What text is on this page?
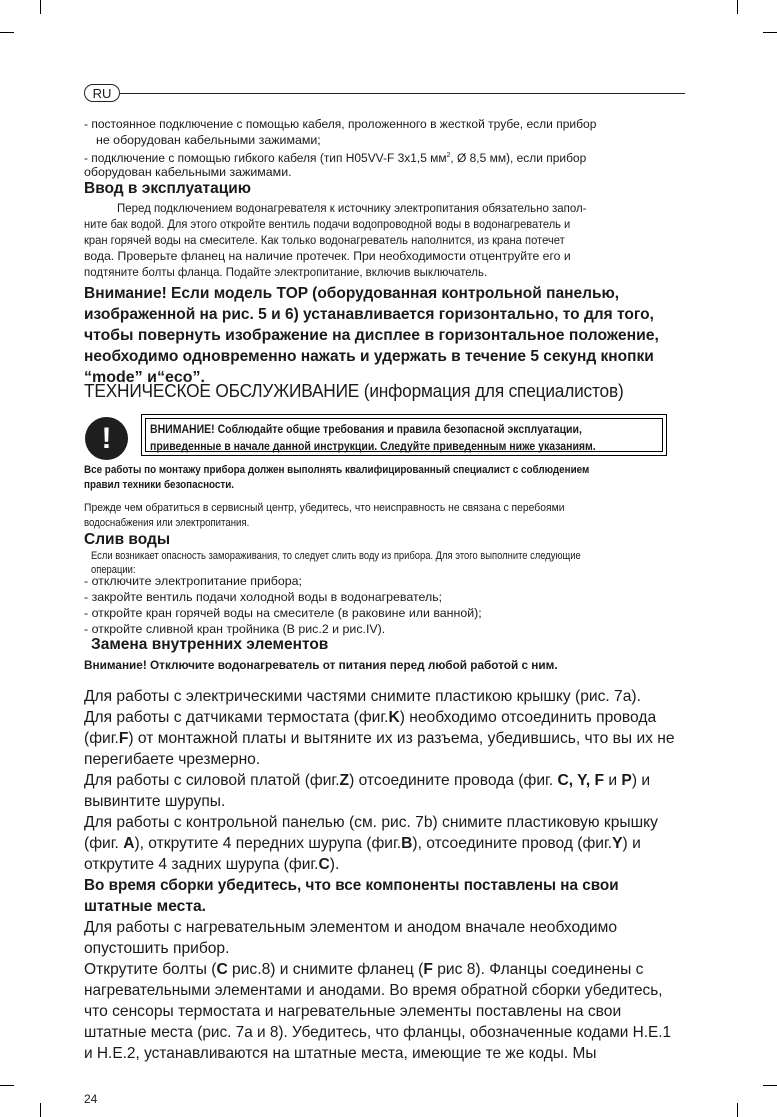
RU

- постоянное подключение с помощью кабеля, проложенного в жесткой трубе, если прибор

не оборудован кабельными зажимами;

- подключение с помощью гибкого кабеля (тип H05VV-F 3x1,5 $мм^2$, Ø 8,5 мм), если прибор

оборудован кабельными зажимами.

Ввод в эксплуатацию

Перед подключением водонагревателя к источнику электропитания обязательно запол-

ните бак водой. Для этого откройте вентиль подачи водопроводной воды в водонагреватель и

кран горячей воды на смесителе. Как только водонагреватель наполнится, из крана потечет

вода. Проверьте фланец на наличие протечек. При необходимости отцентруйте его и

подтяните болты фланца. Подайте электропитание, включив выключатель.

Внимание! Если модель TOP (оборудованная контрольной панелью,

изображенной на рис. 5 и 6) устанавливается горизонтально, то для того,

чтобы повернуть изображение на дисплее в горизонтальное положение,

необходимо одновременно нажать и удержать в течение 5 секунд кнопки

“mode” и“eco”.

ТЕХНИЧЕСКОЕ ОБСЛУЖИВАНИЕ (информация для специалистов)

!	ВНИМАНИЕ! Соблюдайте общие требования и правила безопасной эксплуатации,
приведенные в начале данной инструкции. Следуйте приведенным ниже указаниям.

Все работы по монтажу прибора должен выполнять квалифицированный специалист с соблюдением

правил техники безопасности.

Прежде чем обратиться в сервисный центр, убедитесь, что неисправность не связана с перебоями

водоснабжения или электропитания.

Слив воды

Если возникает опасность замораживания, то следует слить воду из прибора. Для этого выполните следующие

операции:

- отключите электропитание прибора;

- закройте вентиль подачи холодной воды в водонагреватель;

- откройте кран горячей воды на смесителе (в раковине или ванной);

- откройте сливной кран тройника (В рис.2 и рис.IV).

Замена внутренних элементов

Внимание! Отключите водонагреватель от питания перед любой работой с ним.

Для работы с электрическими частями снимите пластикою крышку (рис. 7а).

Для работы с датчиками термостата (фиг.K) необходимо отсоединить провода

(фиг.F) от монтажной платы и вытяните их из разъема, убедившись, что вы их не

перегибаете чрезмерно.

Для работы с силовой платой (фиг.Z) отсоедините провода (фиг. C, Y, F и P) и

вывинтите шурупы.

Для работы с контрольной панелью (см. рис. 7b) снимите пластиковую крышку

(фиг. A), открутите 4 передних шурупа (фиг.B), отсоедините провод (фиг.Y) и

открутите 4 задних шурупа (фиг.C).

Во время сборки убедитесь, что все компоненты поставлены на свои

штатные места.

Для работы с нагревательным элементом и анодом вначале необходимо

опустошить прибор.

Открутите болты (C рис.8) и снимите фланец (F рис 8). Фланцы соединены с

нагревательными элементами и анодами. Во время обратной сборки убедитесь,

что сенсоры термостата и нагревательные элементы поставлены на свои

штатные места (рис. 7а и 8). Убедитесь, что фланцы, обозначенные кодами Н.Е.1

и Н.Е.2, устанавливаются на штатные места, имеющие те же коды. Мы

24
